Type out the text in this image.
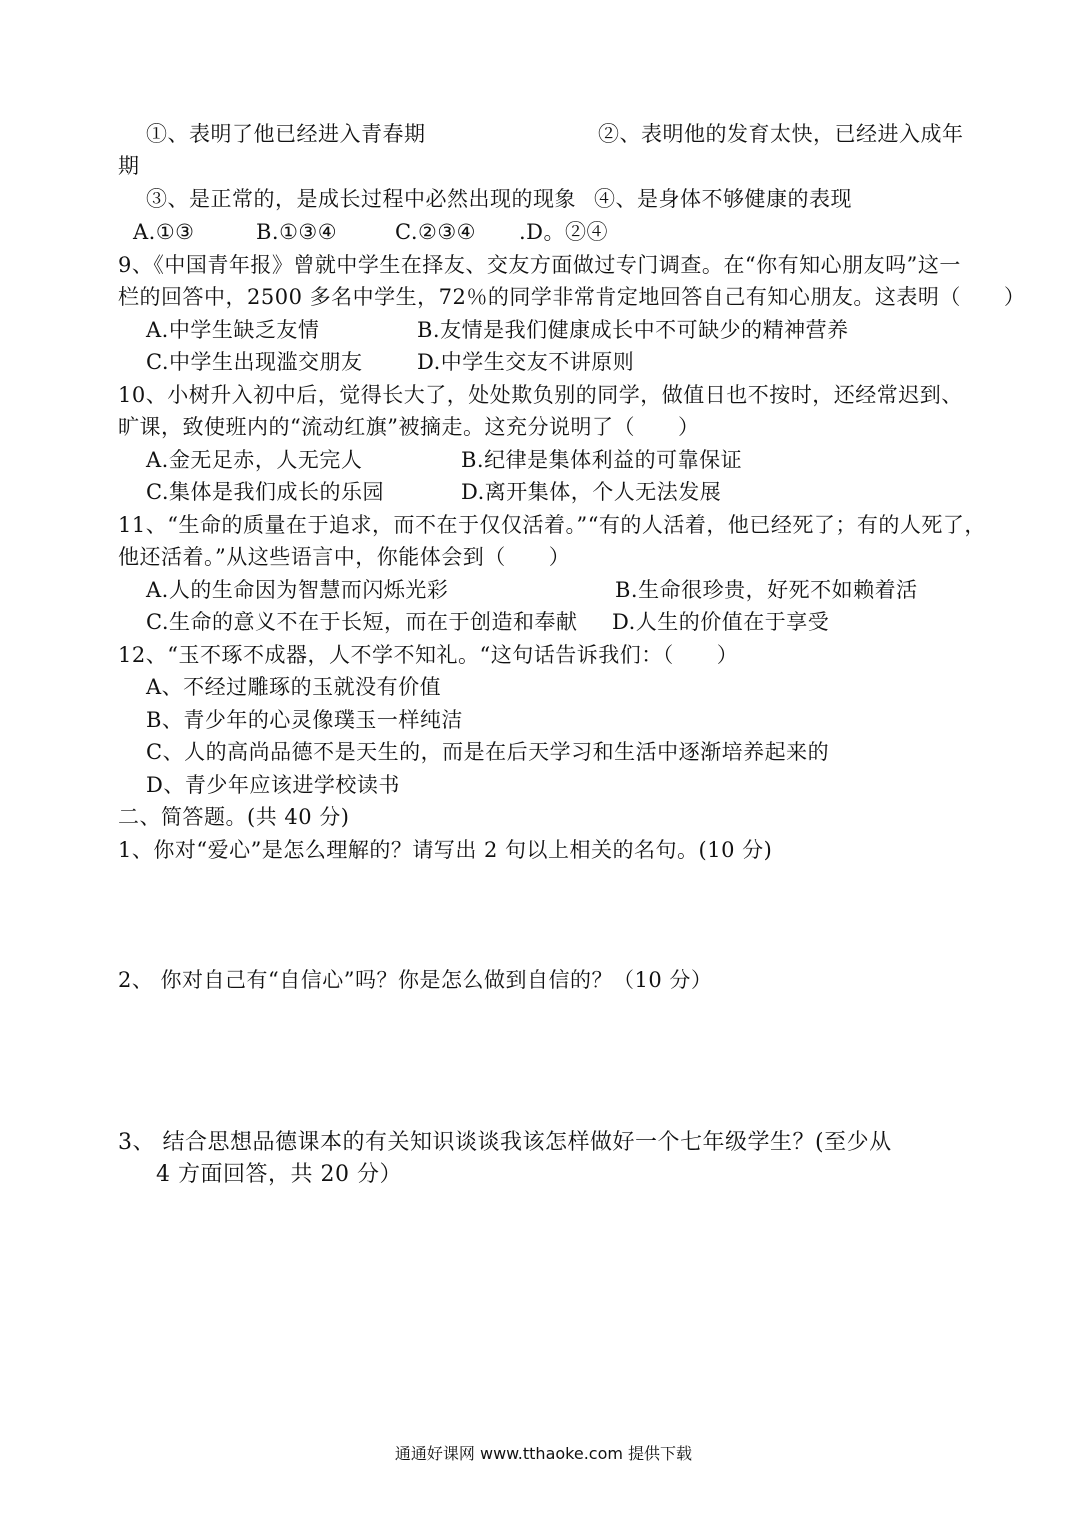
①、表明了他已经进入青春期	②、表明他的发育太快，已经进入成年
期
③、是正常的，是成长过程中必然出现的现象 ④、是身体不够健康的表现
A.①③	B.①③④	C.②③④ .D。②④
9、《中国青年报》曾就中学生在择友、交友方面做过专门调查。在“你有知心朋友吗”这一
栏的回答中，2500 多名中学生，72％的同学非常肯定地回答自己有知心朋友。这表明（　　）
A.中学生缺乏友情	B.友情是我们健康成长中不可缺少的精神营养
C.中学生出现滥交朋友	D.中学生交友不讲原则
10、小树升入初中后，觉得长大了，处处欺负别的同学，做值日也不按时，还经常迟到、
旷课，致使班内的“流动红旗”被摘走。这充分说明了（　　）
A.金无足赤，人无完人	B.纪律是集体利益的可靠保证
C.集体是我们成长的乐园	D.离开集体，个人无法发展
11、“生命的质量在于追求，而不在于仅仅活着。”“有的人活着，他已经死了；有的人死了，
他还活着。”从这些语言中，你能体会到（　　）
A.人的生命因为智慧而闪烁光彩	B.生命很珍贵，好死不如赖着活
C.生命的意义不在于长短，而在于创造和奉献 D.人生的价值在于享受
12、“玉不琢不成器，人不学不知礼。“这句话告诉我们：（　　）
A、不经过雕琢的玉就没有价值
B、青少年的心灵像璞玉一样纯洁
C、人的高尚品德不是天生的，而是在后天学习和生活中逐渐培养起来的
D、青少年应该进学校读书
二、简答题。(共 40 分)
1、你对“爱心”是怎么理解的？请写出 2 句以上相关的名句。(10 分)
2、 你对自己有“自信心”吗？你是怎么做到自信的？（10 分）
3、 结合思想品德课本的有关知识谈谈我该怎样做好一个七年级学生？(至少从
4 方面回答，共 20 分）
通通好课网 www.tthaoke.com 提供下载
